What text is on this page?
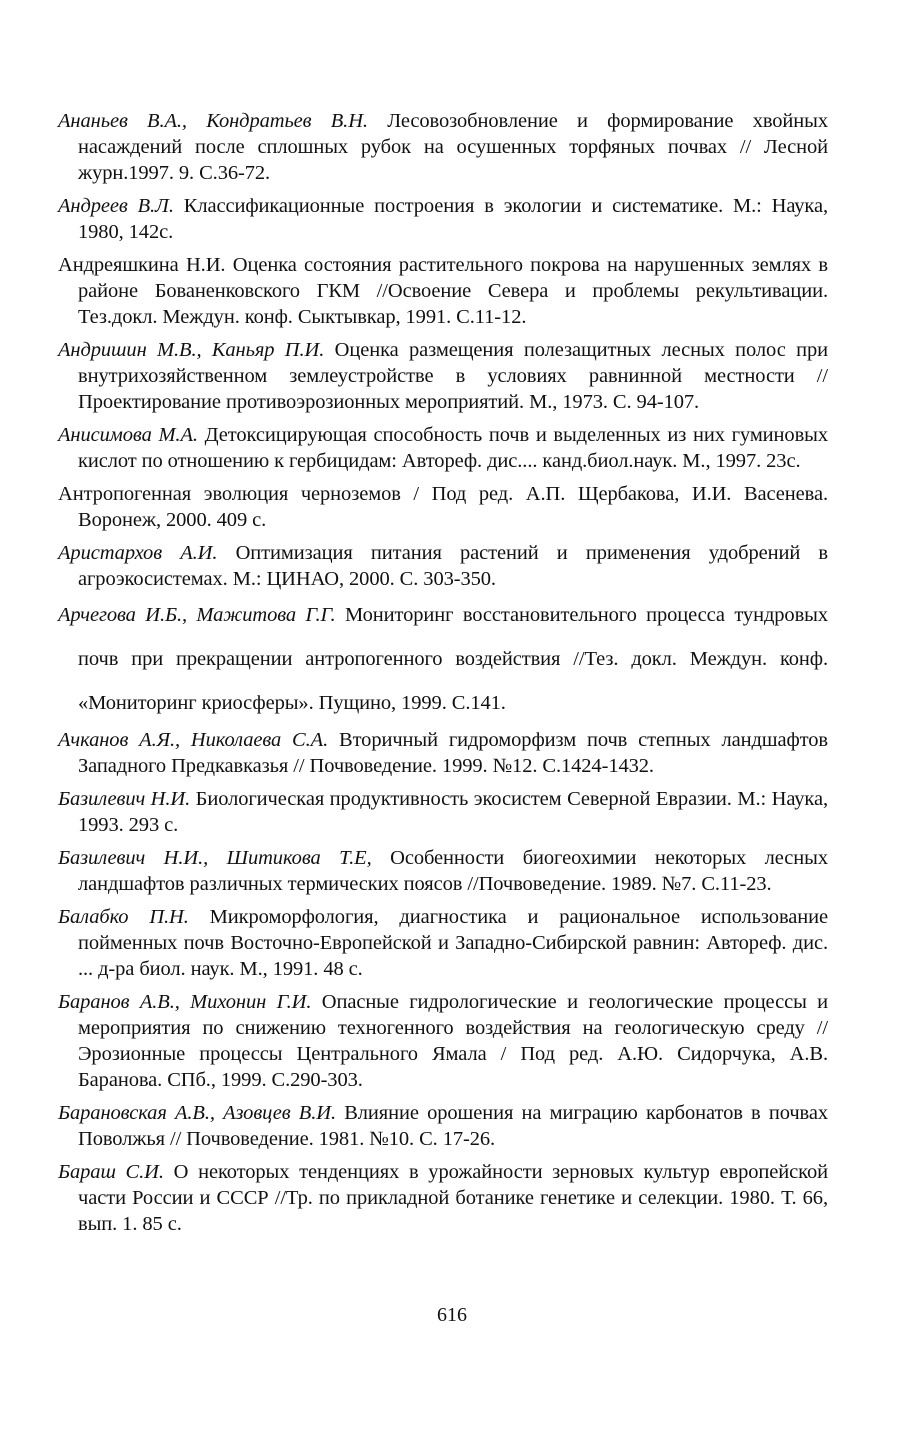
Ананьев В.А., Кондратьев В.Н. Лесовозобновление и формирование хвойных насаждений после сплошных рубок на осушенных торфяных почвах // Лесной журн.1997. 9. С.36-72.

Андреев В.Л. Классификационные построения в экологии и систематике. М.: Наука, 1980, 142с.

Андреяшкина Н.И. Оценка состояния растительного покрова на нарушенных землях в районе Бованенковского ГКМ //Освоение Севера и проблемы рекультивации. Тез.докл. Междун. конф. Сыктывкар, 1991. С.11-12.

Андришин М.В., Каньяр П.И. Оценка размещения полезащитных лесных полос при внутрихозяйственном землеустройстве в условиях равнинной местности // Проектирование противоэрозионных мероприятий. М., 1973. С. 94-107.

Анисимова М.А. Детоксицирующая способность почв и выделенных из них гуминовых кислот по отношению к гербицидам: Автореф. дис.... канд.биол.наук. М., 1997. 23с.

Антропогенная эволюция черноземов / Под ред. А.П. Щербакова, И.И. Васенева. Воронеж, 2000. 409 с.

Аристархов А.И. Оптимизация питания растений и применения удобрений в агроэкосистемах. М.: ЦИНАО, 2000. С. 303-350.

Арчегова И.Б., Мажитова Г.Г. Мониторинг восстановительного процесса тундровых почв при прекращении антропогенного воздействия //Тез. докл. Междун. конф. «Мониторинг криосферы». Пущино, 1999. С.141.

Ачканов А.Я., Николаева С.А. Вторичный гидроморфизм почв степных ландшафтов Западного Предкавказья // Почвоведение. 1999. №12. С.1424-1432.

Базилевич Н.И. Биологическая продуктивность экосистем Северной Евразии. М.: Наука, 1993. 293 с.

Базилевич Н.И., Шитикова Т.Е, Особенности биогеохимии некоторых лесных ландшафтов различных термических поясов //Почвоведение. 1989. №7. С.11-23.

Балабко П.Н. Микроморфология, диагностика и рациональное использование пойменных почв Восточно-Европейской и Западно-Сибирской равнин: Автореф. дис. ... д-ра биол. наук. М., 1991. 48 с.

Баранов А.В., Михонин Г.И. Опасные гидрологические и геологические процессы и мероприятия по снижению техногенного воздействия на геологическую среду // Эрозионные процессы Центрального Ямала / Под ред. А.Ю. Сидорчука, А.В. Баранова. СПб., 1999. С.290-303.

Барановская А.В., Азовцев В.И. Влияние орошения на миграцию карбонатов в почвах Поволжья // Почвоведение. 1981. №10. С. 17-26.

Бараш С.И. О некоторых тенденциях в урожайности зерновых культур европейской части России и СССР //Тр. по прикладной ботанике генетике и селекции. 1980. Т. 66, вып. 1. 85 с.

616
